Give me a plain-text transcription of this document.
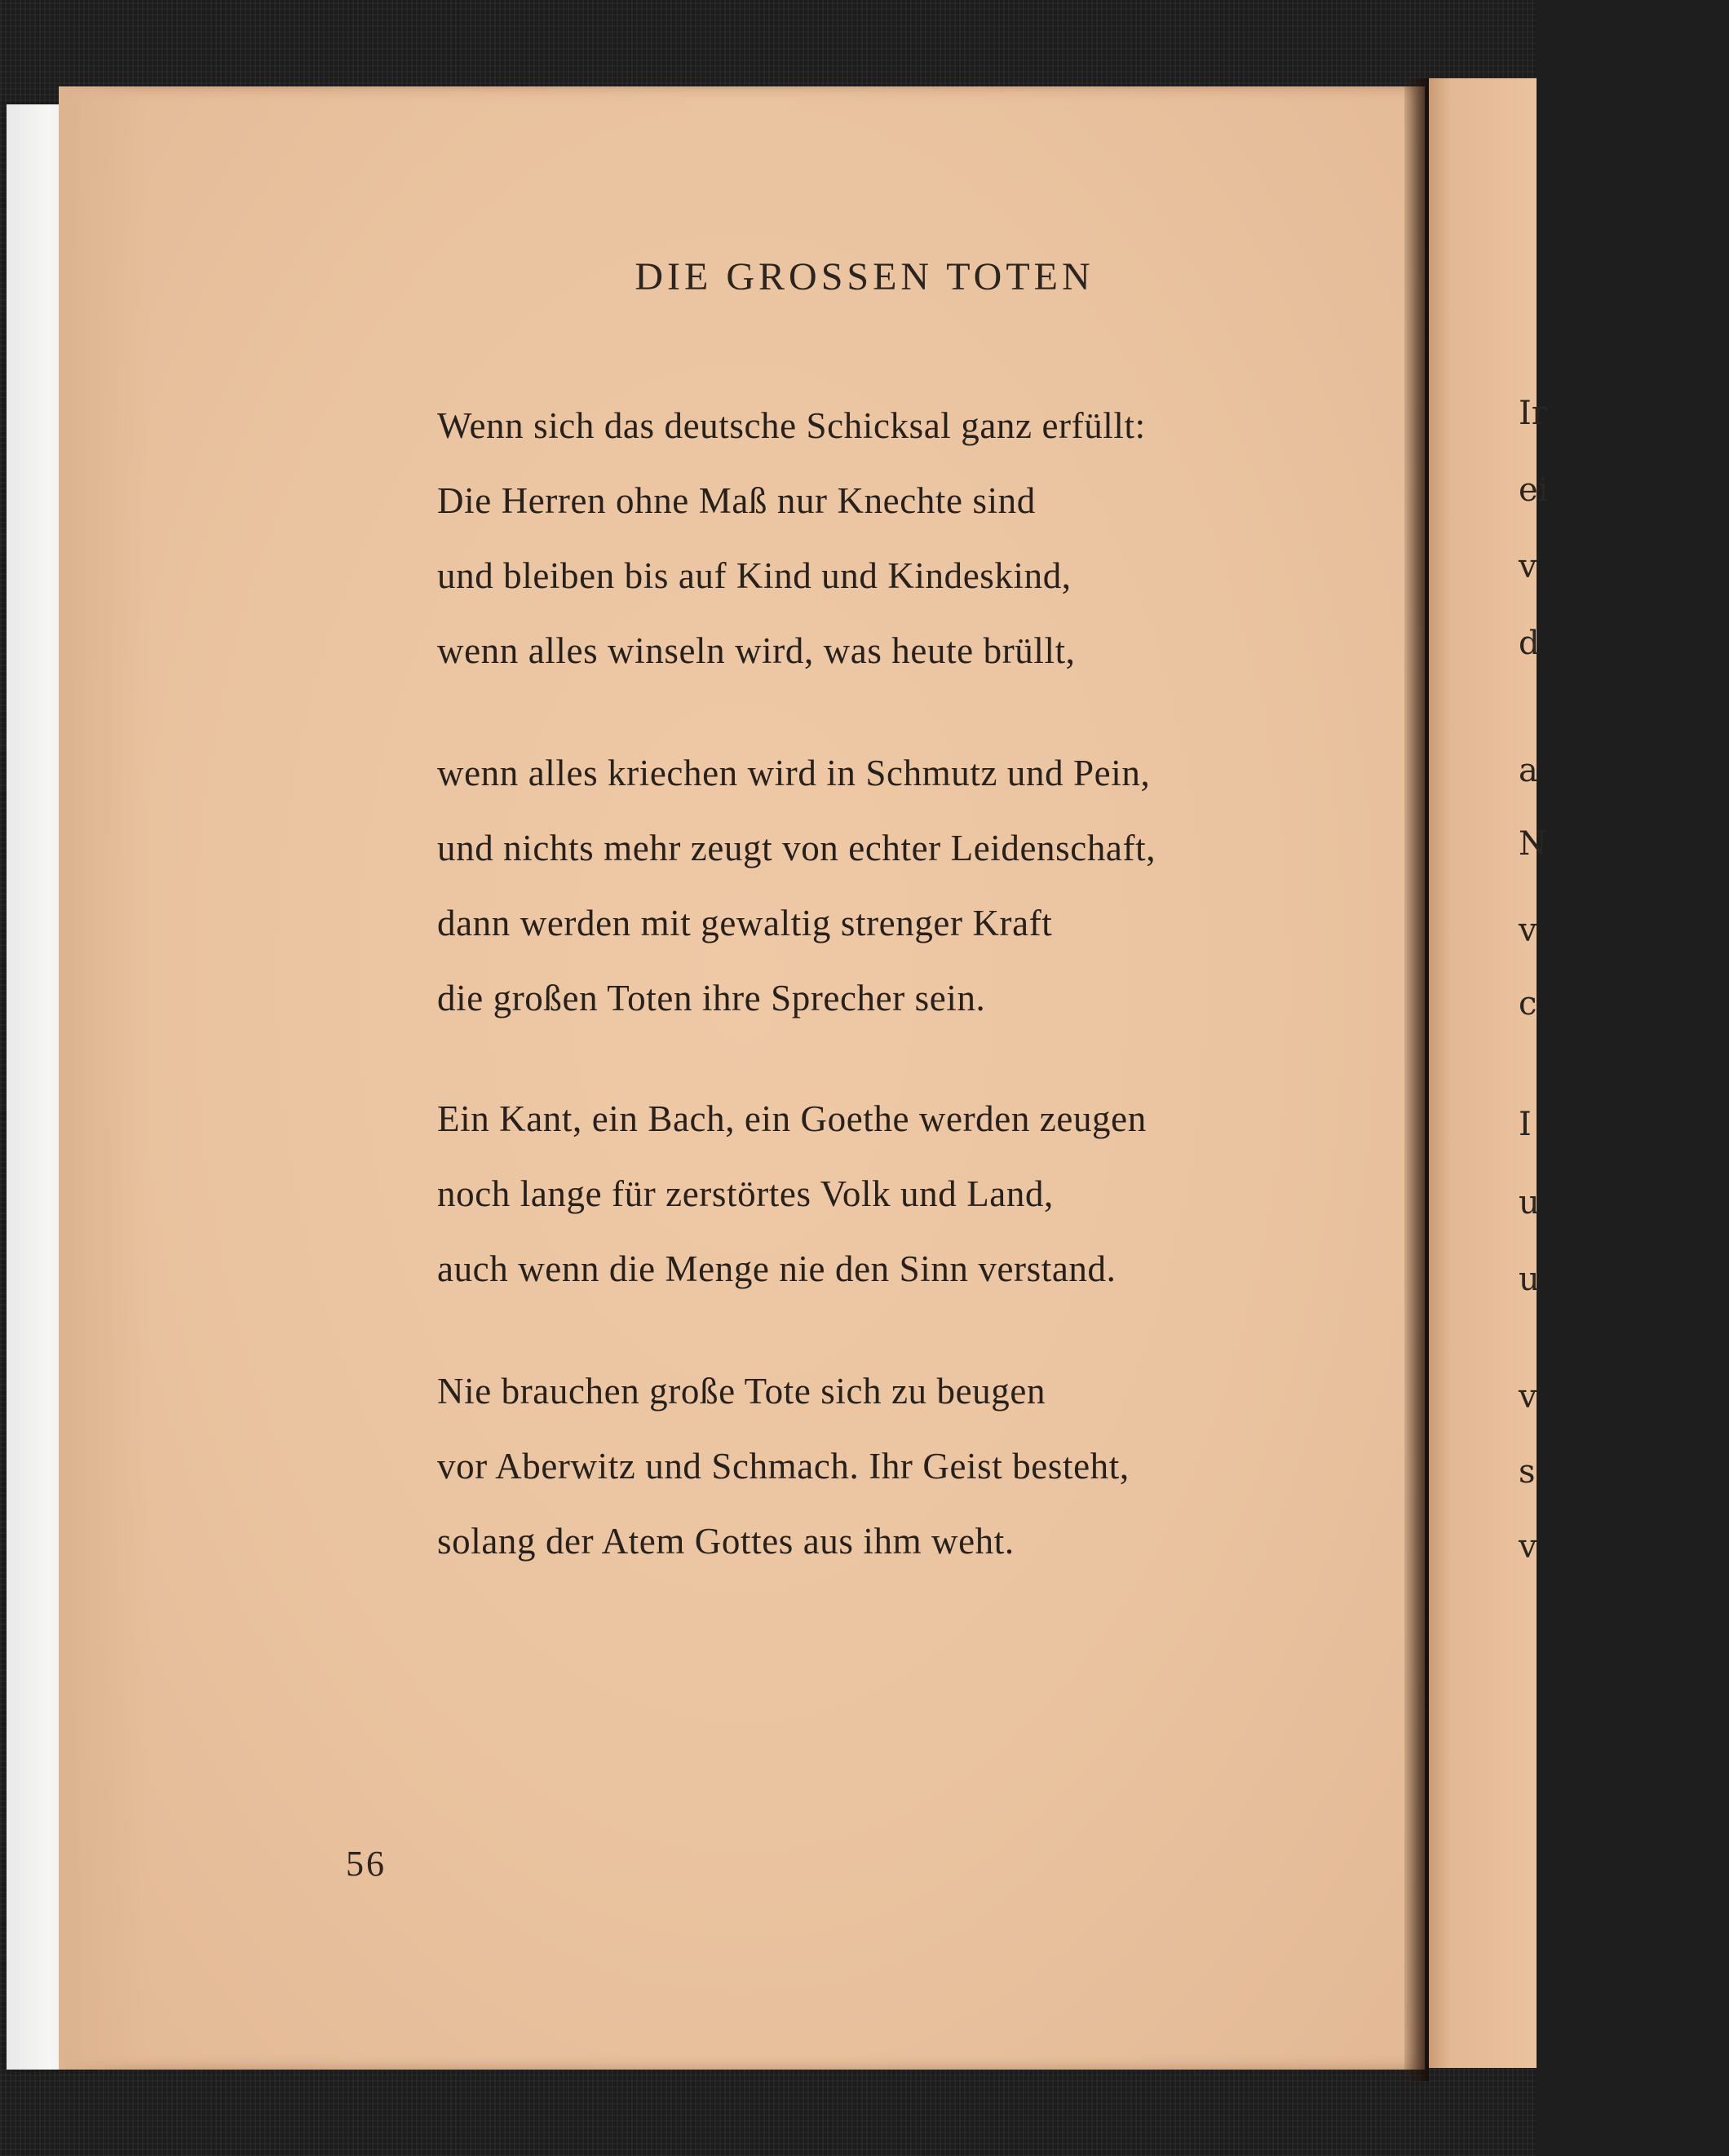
Ir
ei
v
d
a
N
v
c
I
u
u
v
s
v
DIE GROSSEN TOTEN
Wenn sich das deutsche Schicksal ganz erfüllt:
Die Herren ohne Maß nur Knechte sind
und bleiben bis auf Kind und Kindeskind,
wenn alles winseln wird, was heute brüllt,
wenn alles kriechen wird in Schmutz und Pein,
und nichts mehr zeugt von echter Leidenschaft,
dann werden mit gewaltig strenger Kraft
die großen Toten ihre Sprecher sein.
Ein Kant, ein Bach, ein Goethe werden zeugen
noch lange für zerstörtes Volk und Land,
auch wenn die Menge nie den Sinn verstand.
Nie brauchen große Tote sich zu beugen
vor Aberwitz und Schmach. Ihr Geist besteht,
solang der Atem Gottes aus ihm weht.
56
